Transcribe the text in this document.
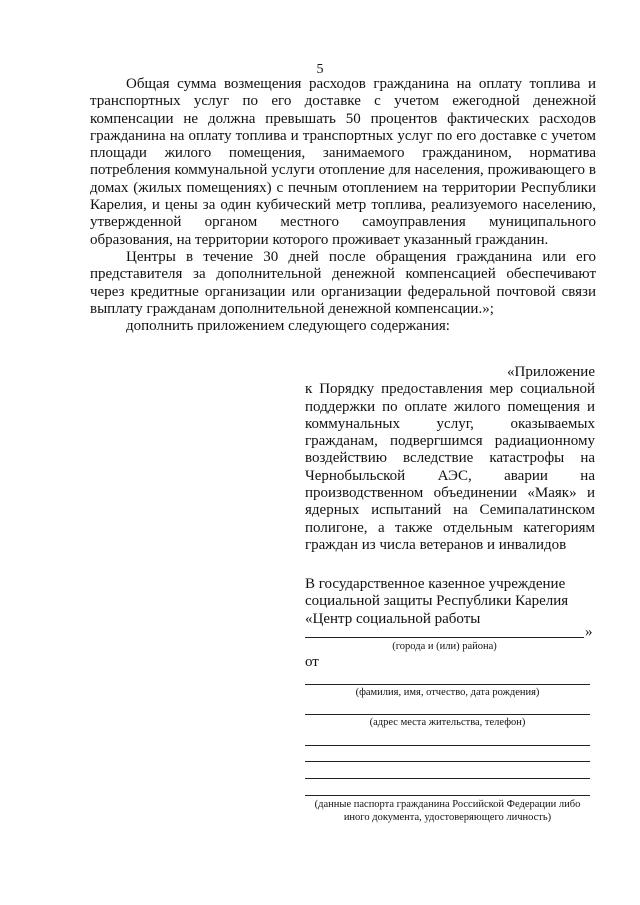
5

Общая сумма возмещения расходов гражданина на оплату топлива и транспортных услуг по его доставке с учетом ежегодной денежной компенсации не должна превышать 50 процентов фактических расходов гражданина на оплату топлива и транспортных услуг по его доставке с учетом площади жилого помещения, занимаемого гражданином, норматива потребления коммунальной услуги отопление для населения, проживающего в домах (жилых помещениях) с печным отоплением на территории Республики Карелия, и цены за один кубический метр топлива, реализуемого населению, утвержденной органом местного самоуправления муниципального образования, на территории которого проживает указанный гражданин.

Центры в течение 30 дней после обращения гражданина или его представителя за дополнительной денежной компенсацией обеспечивают через кредитные организации или организации федеральной почтовой связи выплату гражданам дополнительной денежной компенсации.»;

дополнить приложением следующего содержания:

«Приложение

к Порядку предоставления мер социальной поддержки по оплате жилого помещения и коммунальных услуг, оказываемых гражданам, подвергшимся радиационному воздействию вследствие катастрофы на Чернобыльской АЭС, аварии на производственном объединении «Маяк» и ядерных испытаний на Семипалатинском полигоне, а также отдельным категориям граждан из числа ветеранов и инвалидов

В государственное казенное учреждение

социальной защиты Республики Карелия

«Центр социальной работы

»
(города и (или) района)
от
(фамилия, имя, отчество, дата рождения)
(адрес места жительства, телефон)
(данные паспорта гражданина Российской Федерации либо
иного документа, удостоверяющего личность)
